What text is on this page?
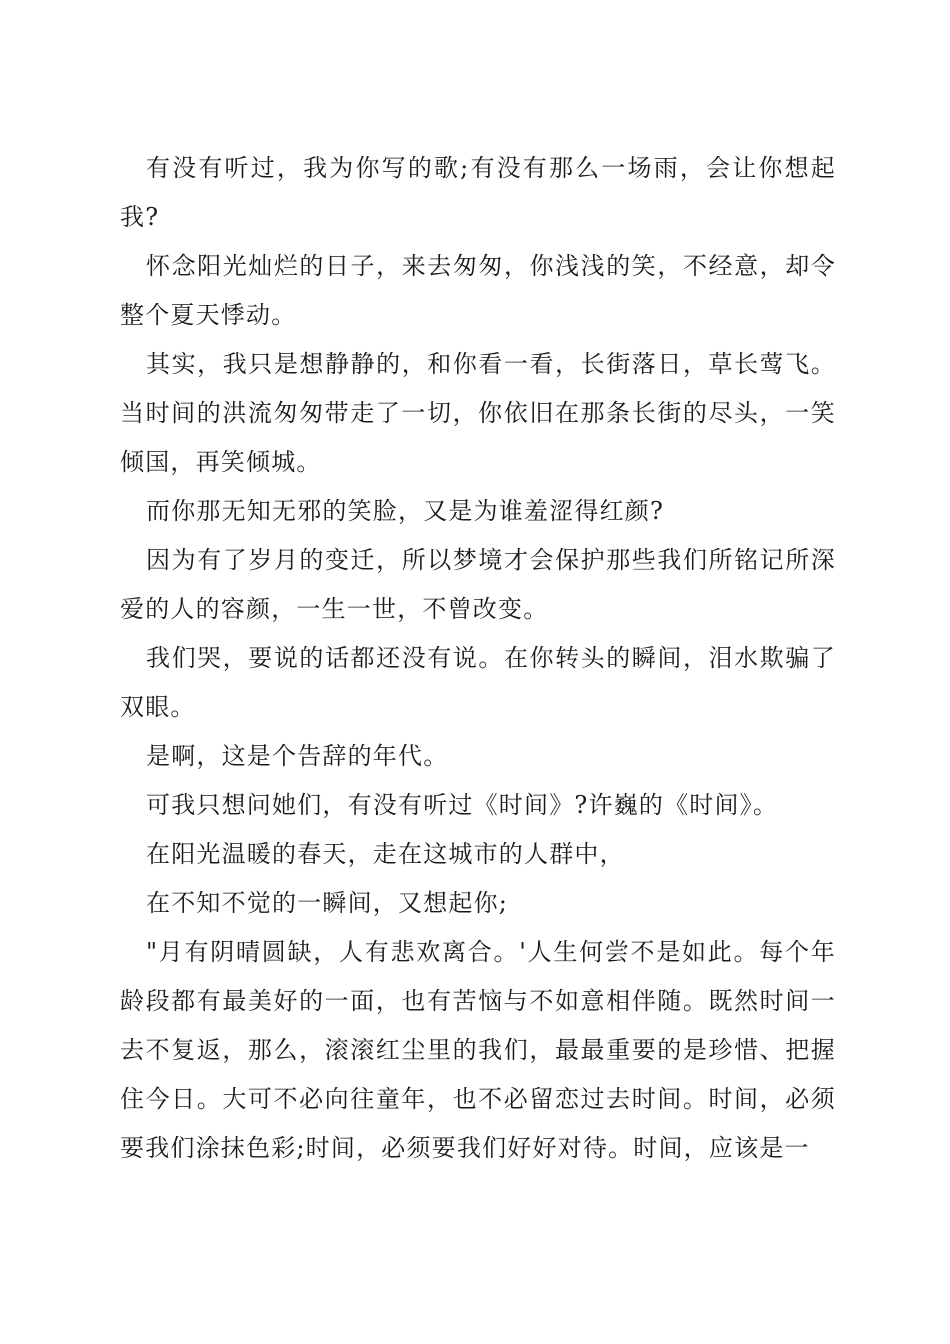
有没有听过，我为你写的歌;有没有那么一场雨，会让你想起我?

怀念阳光灿烂的日子，来去匆匆，你浅浅的笑，不经意，却令整个夏天悸动。

其实，我只是想静静的，和你看一看，长街落日，草长莺飞。当时间的洪流匆匆带走了一切，你依旧在那条长街的尽头，一笑倾国，再笑倾城。

而你那无知无邪的笑脸，又是为谁羞涩得红颜?

因为有了岁月的变迁，所以梦境才会保护那些我们所铭记所深爱的人的容颜，一生一世，不曾改变。

我们哭，要说的话都还没有说。在你转头的瞬间，泪水欺骗了双眼。

是啊，这是个告辞的年代。

可我只想问她们，有没有听过《时间》?许巍的《时间》。

在阳光温暖的春天，走在这城市的人群中，

在不知不觉的一瞬间，又想起你;

"月有阴晴圆缺，人有悲欢离合。'人生何尝不是如此。每个年龄段都有最美好的一面，也有苦恼与不如意相伴随。既然时间一去不复返，那么，滚滚红尘里的我们，最最重要的是珍惜、把握住今日。大可不必向往童年，也不必留恋过去时间。时间，必须要我们涂抹色彩;时间，必须要我们好好对待。时间，应该是一
